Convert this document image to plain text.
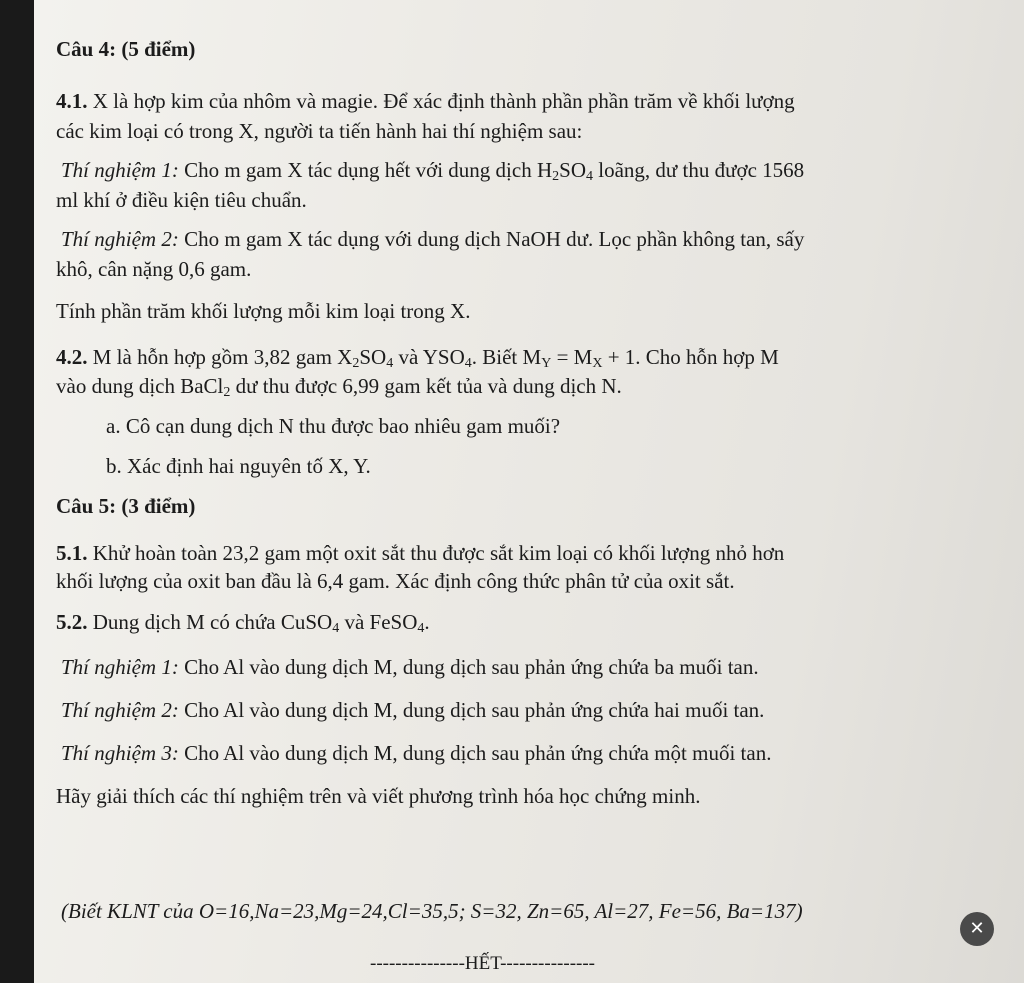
Câu 4: (5 điểm)
4.1. X là hợp kim của nhôm và magie. Để xác định thành phần phần trăm về khối lượng
các kim loại có trong X, người ta tiến hành hai thí nghiệm sau:
Thí nghiệm 1: Cho m gam X tác dụng hết với dung dịch $H_2SO_4$ loãng, dư thu được 1568
ml khí ở điều kiện tiêu chuẩn.
Thí nghiệm 2: Cho m gam X tác dụng với dung dịch NaOH dư. Lọc phần không tan, sấy
khô, cân nặng 0,6 gam.
Tính phần trăm khối lượng mỗi kim loại trong X.
4.2. M là hỗn hợp gồm 3,82 gam $X_2SO_4$ và $YSO_4$. Biết $M_Y = M_X + 1$. Cho hỗn hợp M
vào dung dịch BaCl$_2$ dư thu được 6,99 gam kết tủa và dung dịch N.
a. Cô cạn dung dịch N thu được bao nhiêu gam muối?
b. Xác định hai nguyên tố X, Y.
Câu 5: (3 điểm)
5.1. Khử hoàn toàn 23,2 gam một oxit sắt thu được sắt kim loại có khối lượng nhỏ hơn
khối lượng của oxit ban đầu là 6,4 gam. Xác định công thức phân tử của oxit sắt.
5.2. Dung dịch M có chứa CuSO$_4$ và FeSO$_4$.
Thí nghiệm 1: Cho Al vào dung dịch M, dung dịch sau phản ứng chứa ba muối tan.
Thí nghiệm 2: Cho Al vào dung dịch M, dung dịch sau phản ứng chứa hai muối tan.
Thí nghiệm 3: Cho Al vào dung dịch M, dung dịch sau phản ứng chứa một muối tan.
Hãy giải thích các thí nghiệm trên và viết phương trình hóa học chứng minh.
(Biết KLNT của O=16,Na=23,Mg=24,Cl=35,5; S=32, Zn=65, Al=27, Fe=56, Ba=137)
---------------HẾT---------------
✕
